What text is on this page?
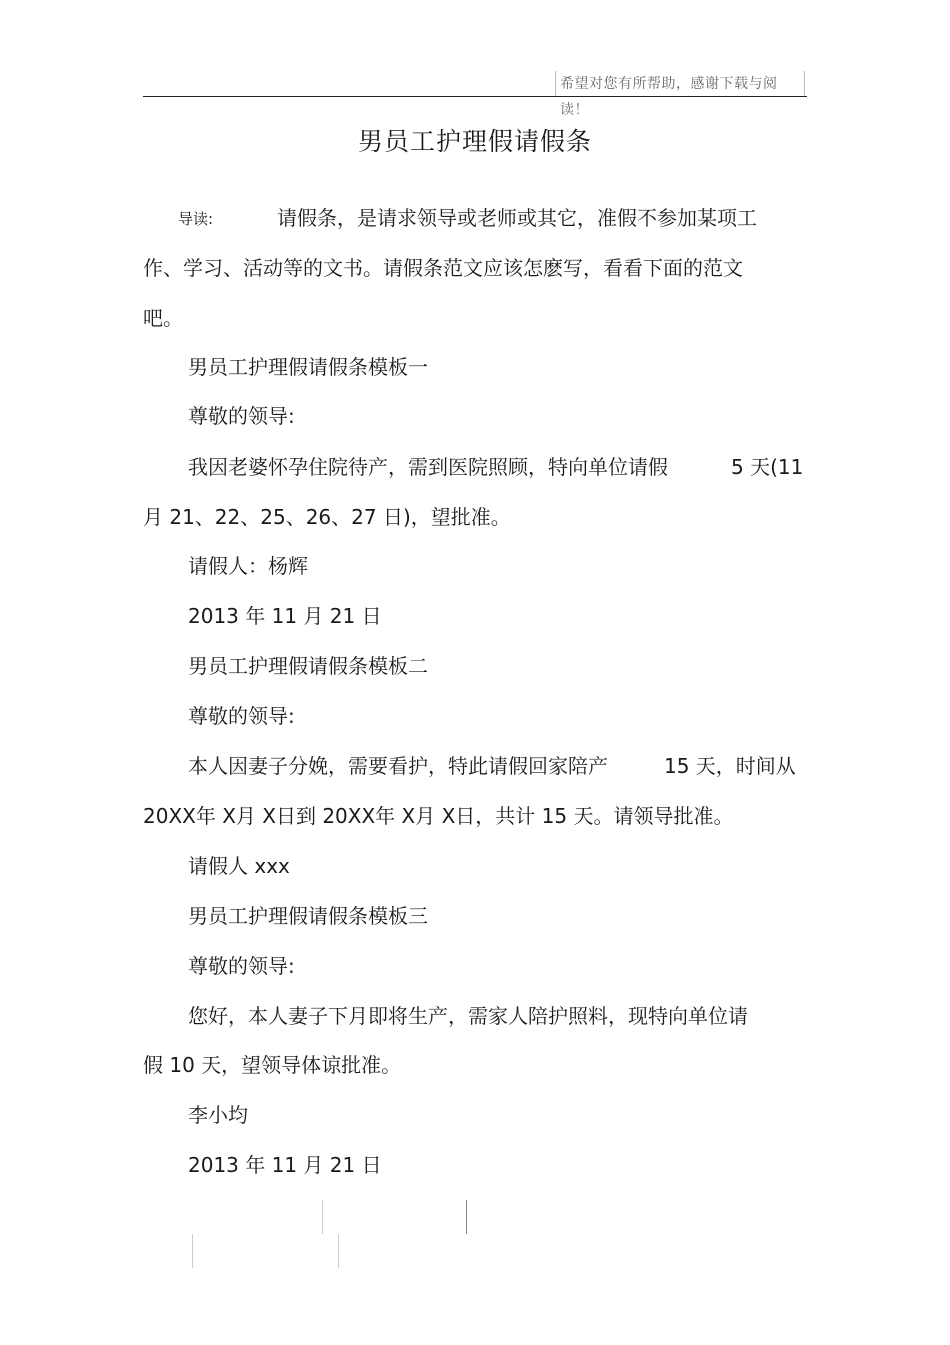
希望对您有所帮助，感谢下载与阅读！
男员工护理假请假条
导读:	请假条，是请求领导或老师或其它，准假不参加某项工
作、学习、活动等的文书。请假条范文应该怎麽写，看看下面的范文
吧。
男员工护理假请假条模板一
尊敬的领导:
我因老婆怀孕住院待产，需到医院照顾，特向单位请假	5 天(11
月 21、22、25、26、27 日)，望批准。
请假人：杨辉
2013 年 11 月 21 日
男员工护理假请假条模板二
尊敬的领导:
本人因妻子分娩，需要看护，特此请假回家陪产	15 天，时间从
20XX年 X月 X日到 20XX年 X月 X日，共计 15 天。请领导批准。
请假人 xxx
男员工护理假请假条模板三
尊敬的领导:
您好，本人妻子下月即将生产，需家人陪护照料，现特向单位请
假 10 天，望领导体谅批准。
李小均
2013 年 11 月 21 日
